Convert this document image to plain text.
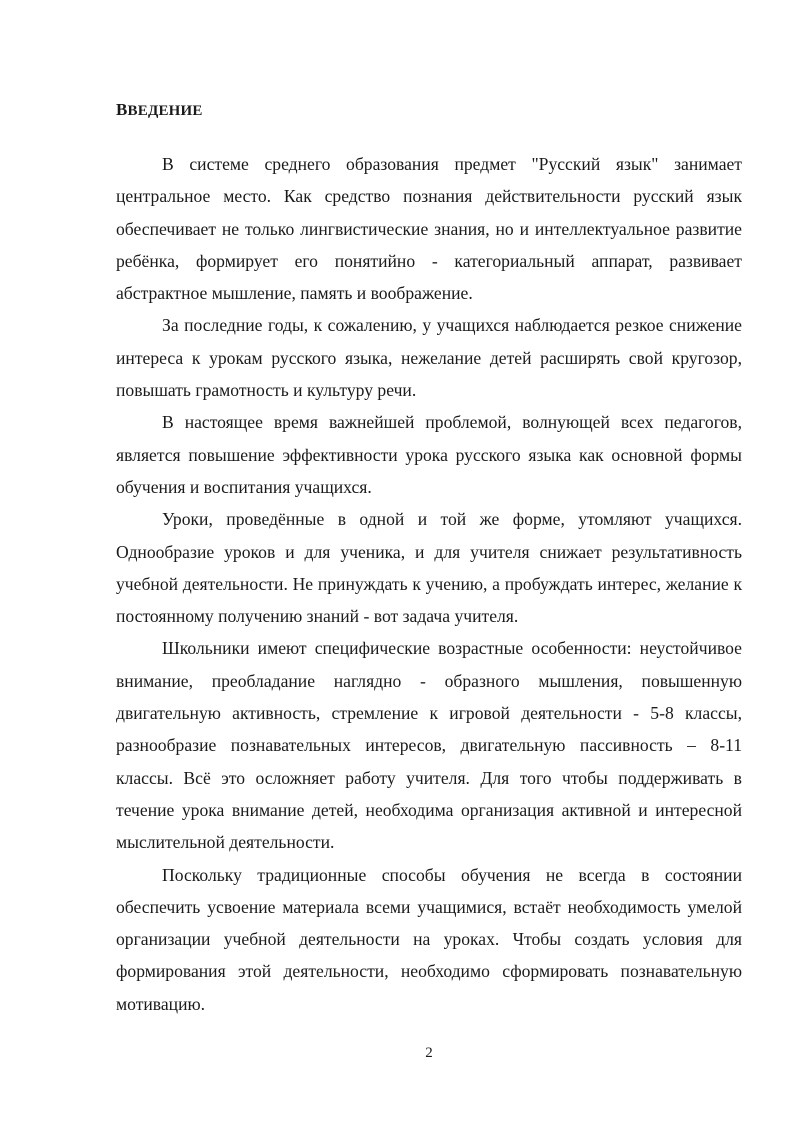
ВВЕДЕНИЕ

В системе среднего образования предмет "Русский язык" занимает центральное место. Как средство познания действительности русский язык обеспечивает не только лингвистические знания, но и интеллектуальное развитие ребёнка, формирует его понятийно - категориальный аппарат, развивает абстрактное мышление, память и воображение.

За последние годы, к сожалению, у учащихся наблюдается резкое снижение интереса к урокам русского языка, нежелание детей расширять свой кругозор, повышать грамотность и культуру речи.

В настоящее время важнейшей проблемой, волнующей всех педагогов, является повышение эффективности урока русского языка как основной формы обучения и воспитания учащихся.

Уроки, проведённые в одной и той же форме, утомляют учащихся. Однообразие уроков и для ученика, и для учителя снижает результативность учебной деятельности. Не принуждать к учению, а пробуждать интерес, желание к постоянному получению знаний - вот задача учителя.

Школьники имеют специфические возрастные особенности: неустойчивое внимание, преобладание наглядно - образного мышления, повышенную двигательную активность, стремление к игровой деятельности - 5-8 классы, разнообразие познавательных интересов, двигательную пассивность – 8-11 классы. Всё это осложняет работу учителя. Для того чтобы поддерживать в течение урока внимание детей, необходима организация активной и интересной мыслительной деятельности.

Поскольку традиционные способы обучения не всегда в состоянии обеспечить усвоение материала всеми учащимися, встаёт необходимость умелой организации учебной деятельности на уроках. Чтобы создать условия для формирования этой деятельности, необходимо сформировать познавательную мотивацию.

2
